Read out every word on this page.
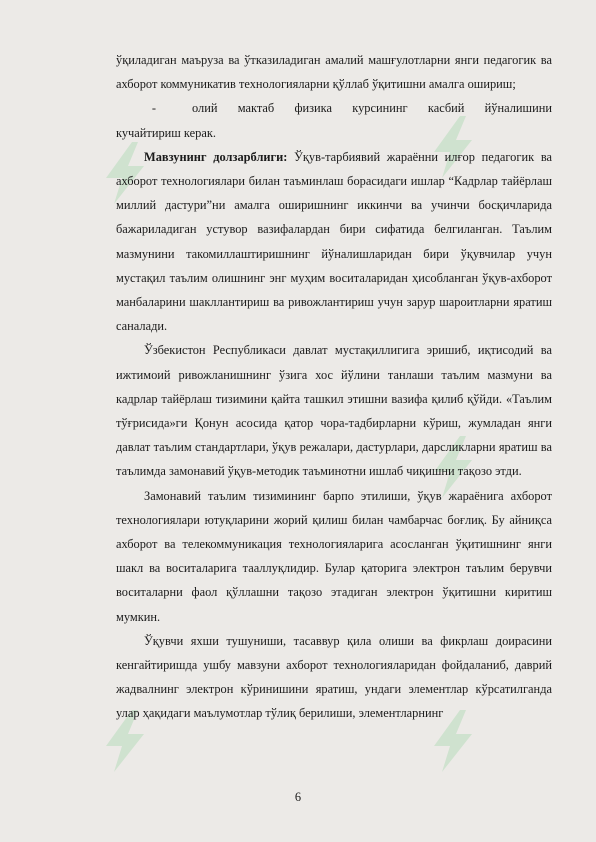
ўқиладиган маъруза ва ўтказиладиган амалий машғулотларни янги педагогик ва ахборот коммуникатив технологияларни қўллаб ўқитишни амалга ошириш;

-	олий мактаб физика курсининг касбий йўналишини

кучайтириш керак.

Мавзунинг долзарблиги: Ўқув-тарбиявий жараённи илғор педагогик ва ахборот технологиялари билан таъминлаш борасидаги ишлар “Кадрлар тайёрлаш миллий дастури”ни амалга оширишнинг иккинчи ва учинчи босқичларида бажариладиган устувор вазифалардан бири сифатида белгиланган. Таълим мазмунини такомиллаштиришнинг йўналишларидан бири ўқувчилар учун мустақил таълим олишнинг энг муҳим воситаларидан ҳисобланган ўқув-ахборот манбаларини шакллантириш ва ривожлантириш учун зарур шароитларни яратиш саналади.

Ўзбекистон Республикаси давлат мустақиллигига эришиб, иқтисодий ва ижтимоий ривожланишнинг ўзига хос йўлини танлаши таълим мазмуни ва кадрлар тайёрлаш тизимини қайта ташкил этишни вазифа қилиб қўйди. «Таълим тўғрисида»ги Қонун асосида қатор чора-тадбирларни кўриш, жумладан янги давлат таълим стандартлари, ўқув режалари, дастурлари, дарсликларни яратиш ва таълимда замонавий ўқув-методик таъминотни ишлаб чиқишни тақозо этди.

Замонавий таълим тизимининг барпо этилиши, ўқув жараёнига ахборот технологиялари ютуқларини жорий қилиш билан чамбарчас боғлиқ. Бу айниқса ахборот ва телекоммуникация технологияларига асосланган ўқитишнинг янги шакл ва воситаларига тааллуқлидир. Булар қаторига электрон таълим берувчи воситаларни фаол қўллашни тақозо этадиган электрон ўқитишни киритиш мумкин.

Ўқувчи яхши тушуниши, тасаввур қила олиши ва фикрлаш доирасини кенгайтиришда ушбу мавзуни ахборот технологияларидан фойдаланиб, даврий жадвалнинг электрон кўринишини яратиш, ундаги элементлар кўрсатилганда улар ҳақидаги маълумотлар тўлиқ берилиши, элементларнинг

6
